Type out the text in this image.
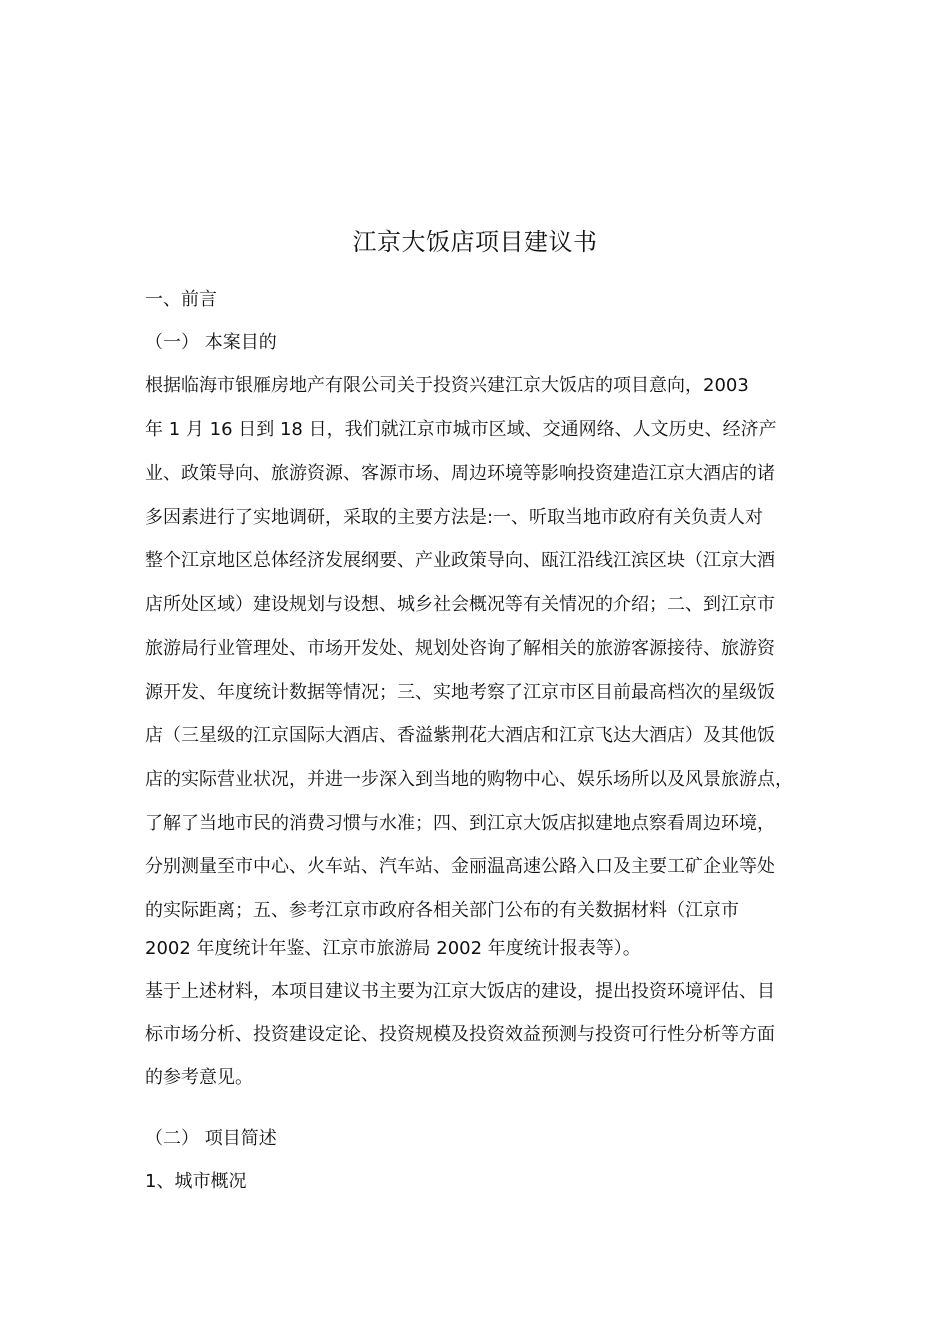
江京大饭店项目建议书
一、前言
（一） 本案目的
根据临海市银雁房地产有限公司关于投资兴建江京大饭店的项目意向，2003
年 1 月 16 日到 18 日，我们就江京市城市区域、交通网络、人文历史、经济产
业、政策导向、旅游资源、客源市场、周边环境等影响投资建造江京大酒店的诸
多因素进行了实地调研，采取的主要方法是:一、听取当地市政府有关负责人对
整个江京地区总体经济发展纲要、产业政策导向、瓯江沿线江滨区块（江京大酒
店所处区域）建设规划与设想、城乡社会概况等有关情况的介绍；二、到江京市
旅游局行业管理处、市场开发处、规划处咨询了解相关的旅游客源接待、旅游资
源开发、年度统计数据等情况；三、实地考察了江京市区目前最高档次的星级饭
店（三星级的江京国际大酒店、香溢紫荆花大酒店和江京飞达大酒店）及其他饭
店的实际营业状况，并进一步深入到当地的购物中心、娱乐场所以及风景旅游点，
了解了当地市民的消费习惯与水准；四、到江京大饭店拟建地点察看周边环境，
分别测量至市中心、火车站、汽车站、金丽温高速公路入口及主要工矿企业等处
的实际距离；五、参考江京市政府各相关部门公布的有关数据材料（江京市
2002 年度统计年鉴、江京市旅游局 2002 年度统计报表等）。
基于上述材料，本项目建议书主要为江京大饭店的建设，提出投资环境评估、目
标市场分析、投资建设定论、投资规模及投资效益预测与投资可行性分析等方面
的参考意见。
（二） 项目简述
1、城市概况
